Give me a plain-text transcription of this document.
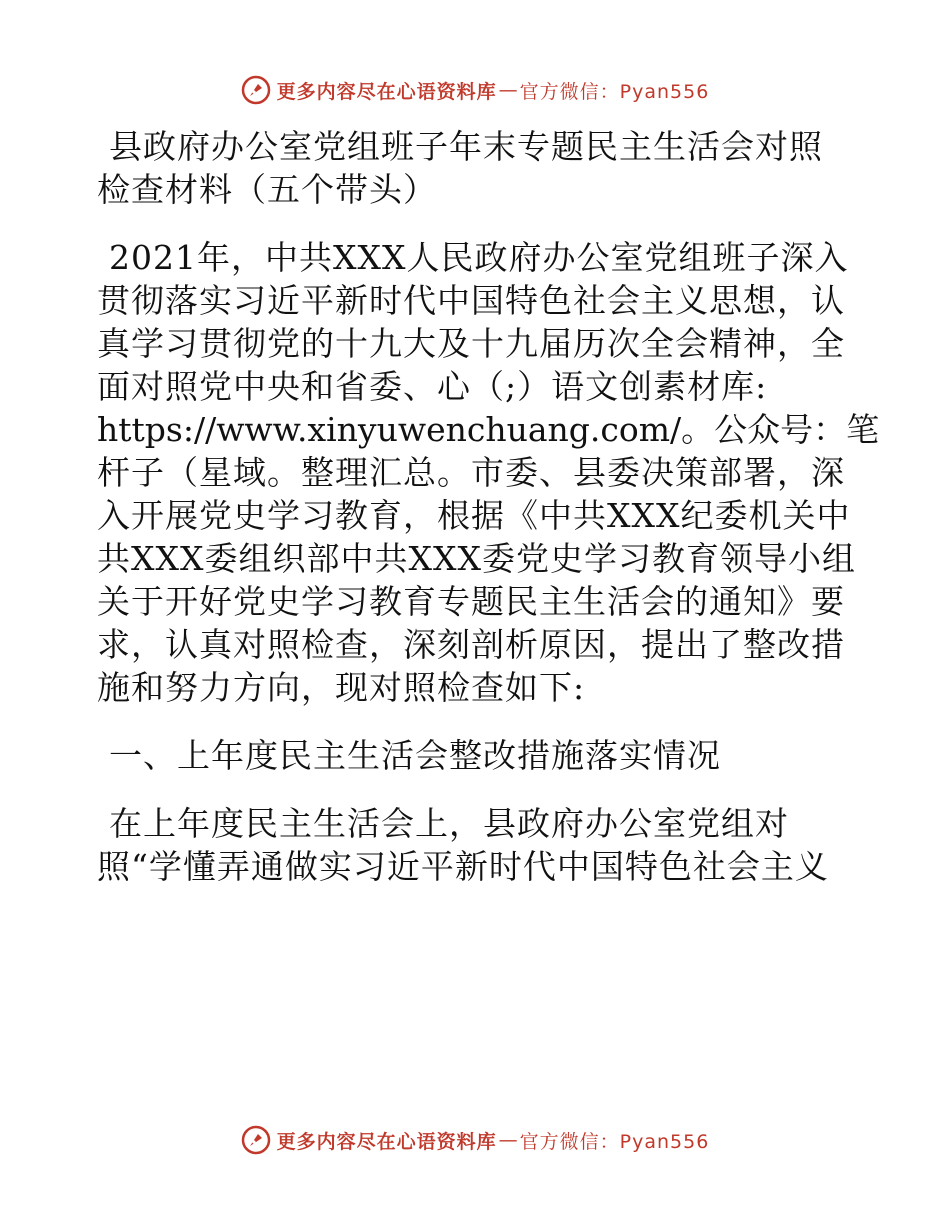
更多内容尽在心语资料库 — 官方微信：Pyan556
县政府办公室党组班子年末专题民主生活会对照
检查材料（五个带头）
2021年，中共XXX人民政府办公室党组班子深入
贯彻落实习近平新时代中国特色社会主义思想，认
真学习贯彻党的十九大及十九届历次全会精神，全
面对照党中央和省委、心（;）语文创素材库:
https://www.xinyuwenchuang.com/。公众号：笔
杆子（星域。整理汇总。市委、县委决策部署，深
入开展党史学习教育，根据《中共XXX纪委机关中
共XXX委组织部中共XXX委党史学习教育领导小组
关于开好党史学习教育专题民主生活会的通知》要
求，认真对照检查，深刻剖析原因，提出了整改措
施和努力方向，现对照检查如下:
一、上年度民主生活会整改措施落实情况
在上年度民主生活会上，县政府办公室党组对
照“学懂弄通做实习近平新时代中国特色社会主义
更多内容尽在心语资料库 — 官方微信：Pyan556
